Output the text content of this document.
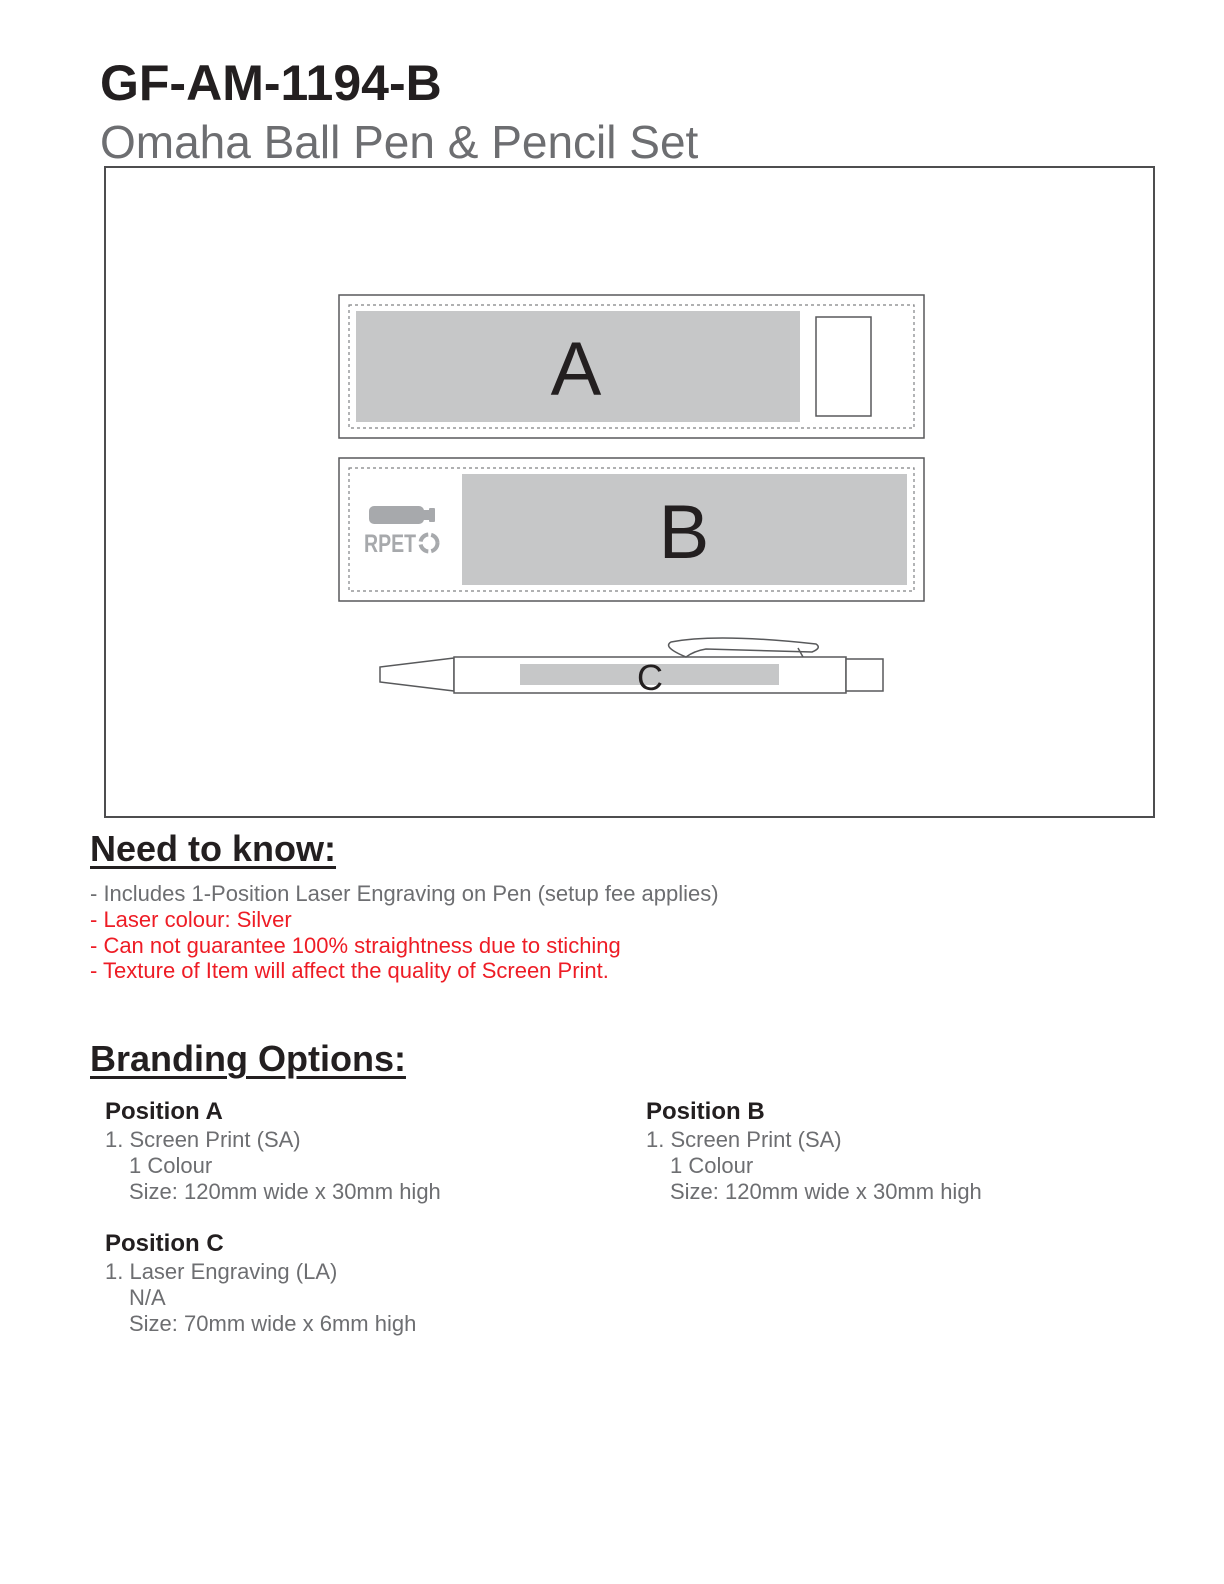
GF-AM-1194-B
Omaha Ball Pen & Pencil Set
A
B
RPET
C
Need to know:
- Includes 1-Position Laser Engraving on Pen (setup fee applies)
- Laser colour: Silver
- Can not guarantee 100% straightness due to stiching
- Texture of Item will affect the quality of Screen Print.
Branding Options:
Position A
1. Screen Print (SA)
1 Colour
Size: 120mm wide x 30mm high
Position B
1. Screen Print (SA)
1 Colour
Size: 120mm wide x 30mm high
Position C
1. Laser Engraving (LA)
N/A
Size: 70mm wide x 6mm high
